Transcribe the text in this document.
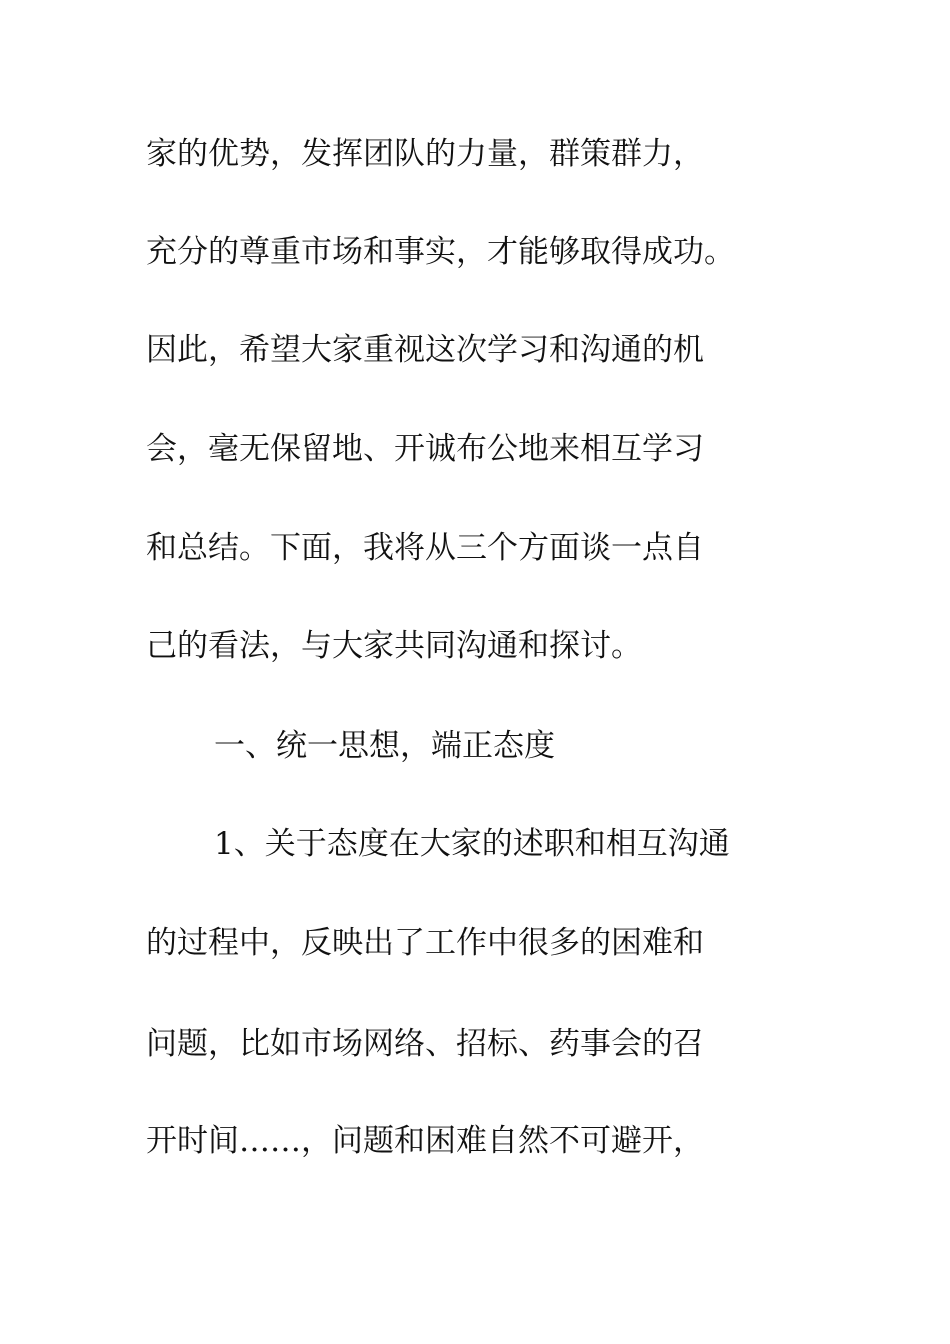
家的优势，发挥团队的力量，群策群力，
充分的尊重市场和事实，才能够取得成功。
因此，希望大家重视这次学习和沟通的机
会，毫无保留地、开诚布公地来相互学习
和总结。下面，我将从三个方面谈一点自
己的看法，与大家共同沟通和探讨。
一、统一思想，端正态度
1、关于态度在大家的述职和相互沟通
的过程中，反映出了工作中很多的困难和
问题，比如市场网络、招标、药事会的召
开时间……，问题和困难自然不可避开，
